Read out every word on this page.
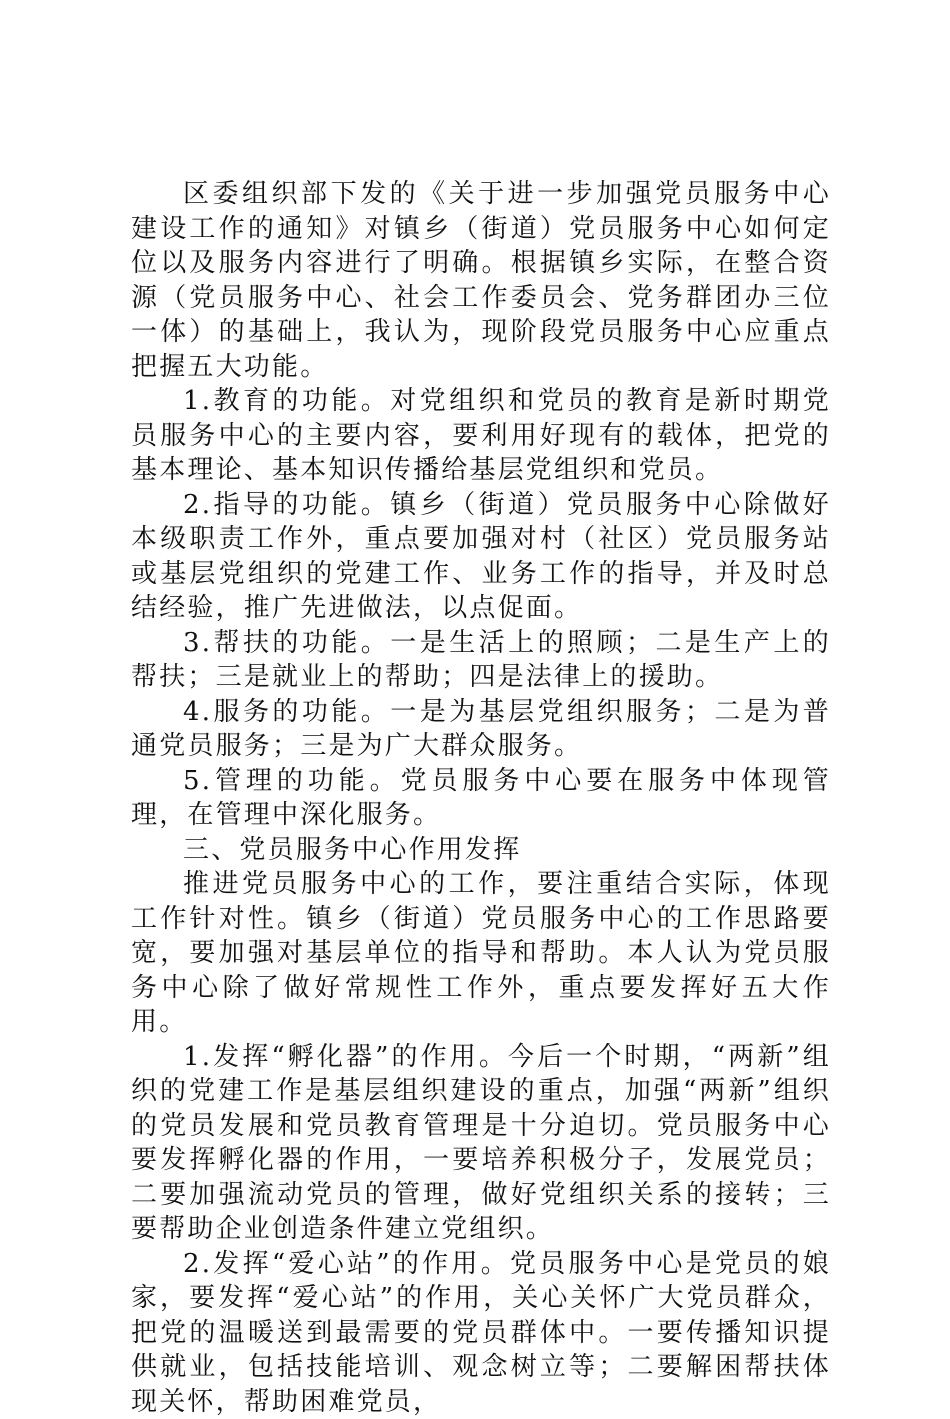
区委组织部下发的《关于进一步加强党员服务中心建设工作的通知》对镇乡（街道）党员服务中心如何定位以及服务内容进行了明确。根据镇乡实际，在整合资源（党员服务中心、社会工作委员会、党务群团办三位一体）的基础上，我认为，现阶段党员服务中心应重点把握五大功能。

1.教育的功能。对党组织和党员的教育是新时期党员服务中心的主要内容，要利用好现有的载体，把党的基本理论、基本知识传播给基层党组织和党员。

2.指导的功能。镇乡（街道）党员服务中心除做好本级职责工作外，重点要加强对村（社区）党员服务站或基层党组织的党建工作、业务工作的指导，并及时总结经验，推广先进做法，以点促面。

3.帮扶的功能。一是生活上的照顾；二是生产上的帮扶；三是就业上的帮助；四是法律上的援助。

4.服务的功能。一是为基层党组织服务；二是为普通党员服务；三是为广大群众服务。

5.管理的功能。党员服务中心要在服务中体现管理，在管理中深化服务。

三、党员服务中心作用发挥

推进党员服务中心的工作，要注重结合实际，体现工作针对性。镇乡（街道）党员服务中心的工作思路要宽，要加强对基层单位的指导和帮助。本人认为党员服务中心除了做好常规性工作外，重点要发挥好五大作用。

1.发挥“孵化器”的作用。今后一个时期，“两新”组织的党建工作是基层组织建设的重点，加强“两新”组织的党员发展和党员教育管理是十分迫切。党员服务中心要发挥孵化器的作用，一要培养积极分子，发展党员；二要加强流动党员的管理，做好党组织关系的接转；三要帮助企业创造条件建立党组织。

2.发挥“爱心站”的作用。党员服务中心是党员的娘家，要发挥“爱心站”的作用，关心关怀广大党员群众，把党的温暖送到最需要的党员群体中。一要传播知识提供就业，包括技能培训、观念树立等；二要解困帮扶体现关怀，帮助困难党员，
